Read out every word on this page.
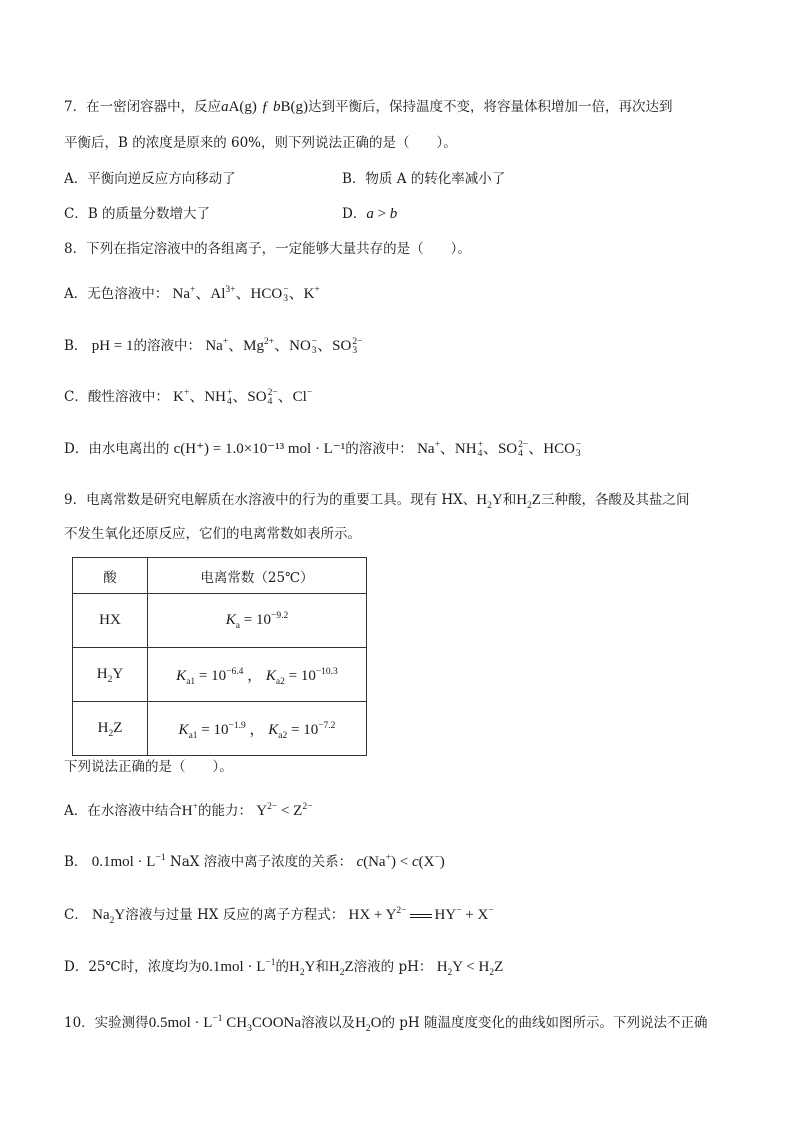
7．在一密闭容器中，反应aA(g) ƒ bB(g)达到平衡后，保持温度不变，将容量体积增加一倍，再次达到
平衡后，B 的浓度是原来的 60%，则下列说法正确的是（　　）。
A．平衡向逆反应方向移动了	B．物质 A 的转化率减小了
C．B 的质量分数增大了	D．a > b
8．下列在指定溶液中的各组离子，一定能够大量共存的是（　　）。
A．无色溶液中： Na+、$Al^{3+}$、HCO −
3 、K+
B． pH = 1的溶液中： Na+、$Mg^{2+}$、NO −
3 、SO 2−
3
C．酸性溶液中： K+、NH +
4 、SO 2−
4 、Cl−
D．由水电离出的 c(H⁺) = 1.0×10⁻¹³ mol · L⁻¹的溶液中： Na+、NH +
4 、SO 2−
4 、HCO −
3
9．电离常数是研究电解质在水溶液中的行为的重要工具。现有 HX、$H_2Y$和$H_2Z$三种酸，各酸及其盐之间
不发生氧化还原反应，它们的电离常数如表所示。
酸	电离常数（25℃）
HX	$K_a = 10^{-9.2}$
$H_2Y$	$K_{a1} = 10^{-6.4}$ ， $K_{a2} = 10^{-10.3}$
$H_2Z$	$K_{a1} = 10^{-1.9}$ ， $K_{a2} = 10^{-7.2}$
下列说法正确的是（　　）。
A．在水溶液中结合H+的能力： $Y^{2-} < Z^{2-}$
B． $0.1mol \cdot L^{-1}$ NaX 溶液中离子浓度的关系： c(Na+) < c(X−)
C． $Na_2Y$溶液与过量 HX 反应的离子方程式： HX + $Y^{2-}$ HY− + X−
D．25℃时，浓度均为$0.1mol \cdot L^{-1}$的$H_2Y$和$H_2Z$溶液的 pH： $H_2Y < H_2Z$
10．实验测得$0.5mol \cdot L^{-1}$ $CH_3COONa$溶液以及$H_2O$的 pH 随温度度变化的曲线如图所示。下列说法不正确
